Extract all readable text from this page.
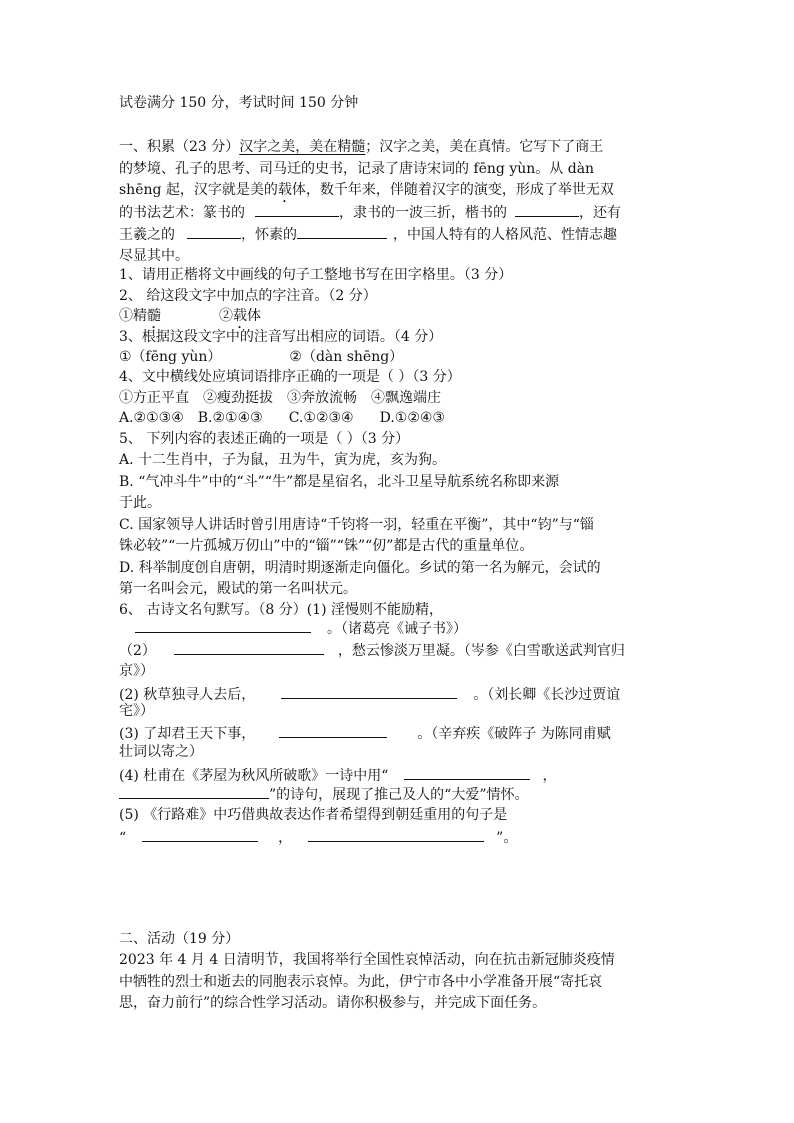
试卷满分 150 分，考试时间 150 分钟
一、积累（23 分）汉字之美，美在精髓；汉字之美，美在真情。它写下了商王
的梦境、孔子的思考、司马迁的史书，记录了唐诗宋词的 fēng yùn。从 dàn
shēng 起，汉字就是美的载体，数千年来，伴随着汉字的演变，形成了举世无双
的书法艺术：篆书的	，隶书的一波三折，楷书的	，还有
王羲之的	，怀素的	，中国人特有的人格风范、性情志趣
尽显其中。
1、请用正楷将文中画线的句子工整地书写在田字格里。（3 分）
2、 给这段文字中加点的字注音。（2 分）
①精髓	②载体
3、根据这段文字中的注音写出相应的词语。（4 分）
①（fēng yùn）	②（dàn shēng）
4、文中横线处应填词语排序正确的一项是（ ）（3 分）
①方正平直 ②瘦劲挺拔 ③奔放流畅 ④飘逸端庄
A.②①③④ B.②①④③ C.①②③④ D.①②④③
5、 下列内容的表述正确的一项是（ ）（3 分）
A. 十二生肖中，子为鼠，丑为牛，寅为虎，亥为狗。
B. “气冲斗牛”中的“斗”“牛”都是星宿名，北斗卫星导航系统名称即来源
于此。
C. 国家领导人讲话时曾引用唐诗“千钧将一羽，轻重在平衡”，其中“钧”与“锱
铢必较”“一片孤城万仞山”中的“锱”“铢”“仞”都是古代的重量单位。
D. 科举制度创自唐朝，明清时期逐渐走向僵化。乡试的第一名为解元，会试的
第一名叫会元，殿试的第一名叫状元。
6、 古诗文名句默写。（8 分）(1) 淫慢则不能励精，
。（诸葛亮《诫子书》）
（2）	，愁云惨淡万里凝。（岑参《白雪歌送武判官归
京》）
(2) 秋草独寻人去后，	。（刘长卿《长沙过贾谊
宅》）
(3) 了却君王天下事，	。（辛弃疾《破阵子 为陈同甫赋
壮词以寄之）
(4) 杜甫在《茅屋为秋风所破歌》一诗中用“	，
”的诗句，展现了推己及人的“大爱”情怀。
(5) 《行路难》中巧借典故表达作者希望得到朝廷重用的句子是
“	，	”。
二、活动（19 分）
2023 年 4 月 4 日清明节，我国将举行全国性哀悼活动，向在抗击新冠肺炎疫情
中牺牲的烈士和逝去的同胞表示哀悼。为此，伊宁市各中小学准备开展“寄托哀
思，奋力前行”的综合性学习活动。请你积极参与，并完成下面任务。
